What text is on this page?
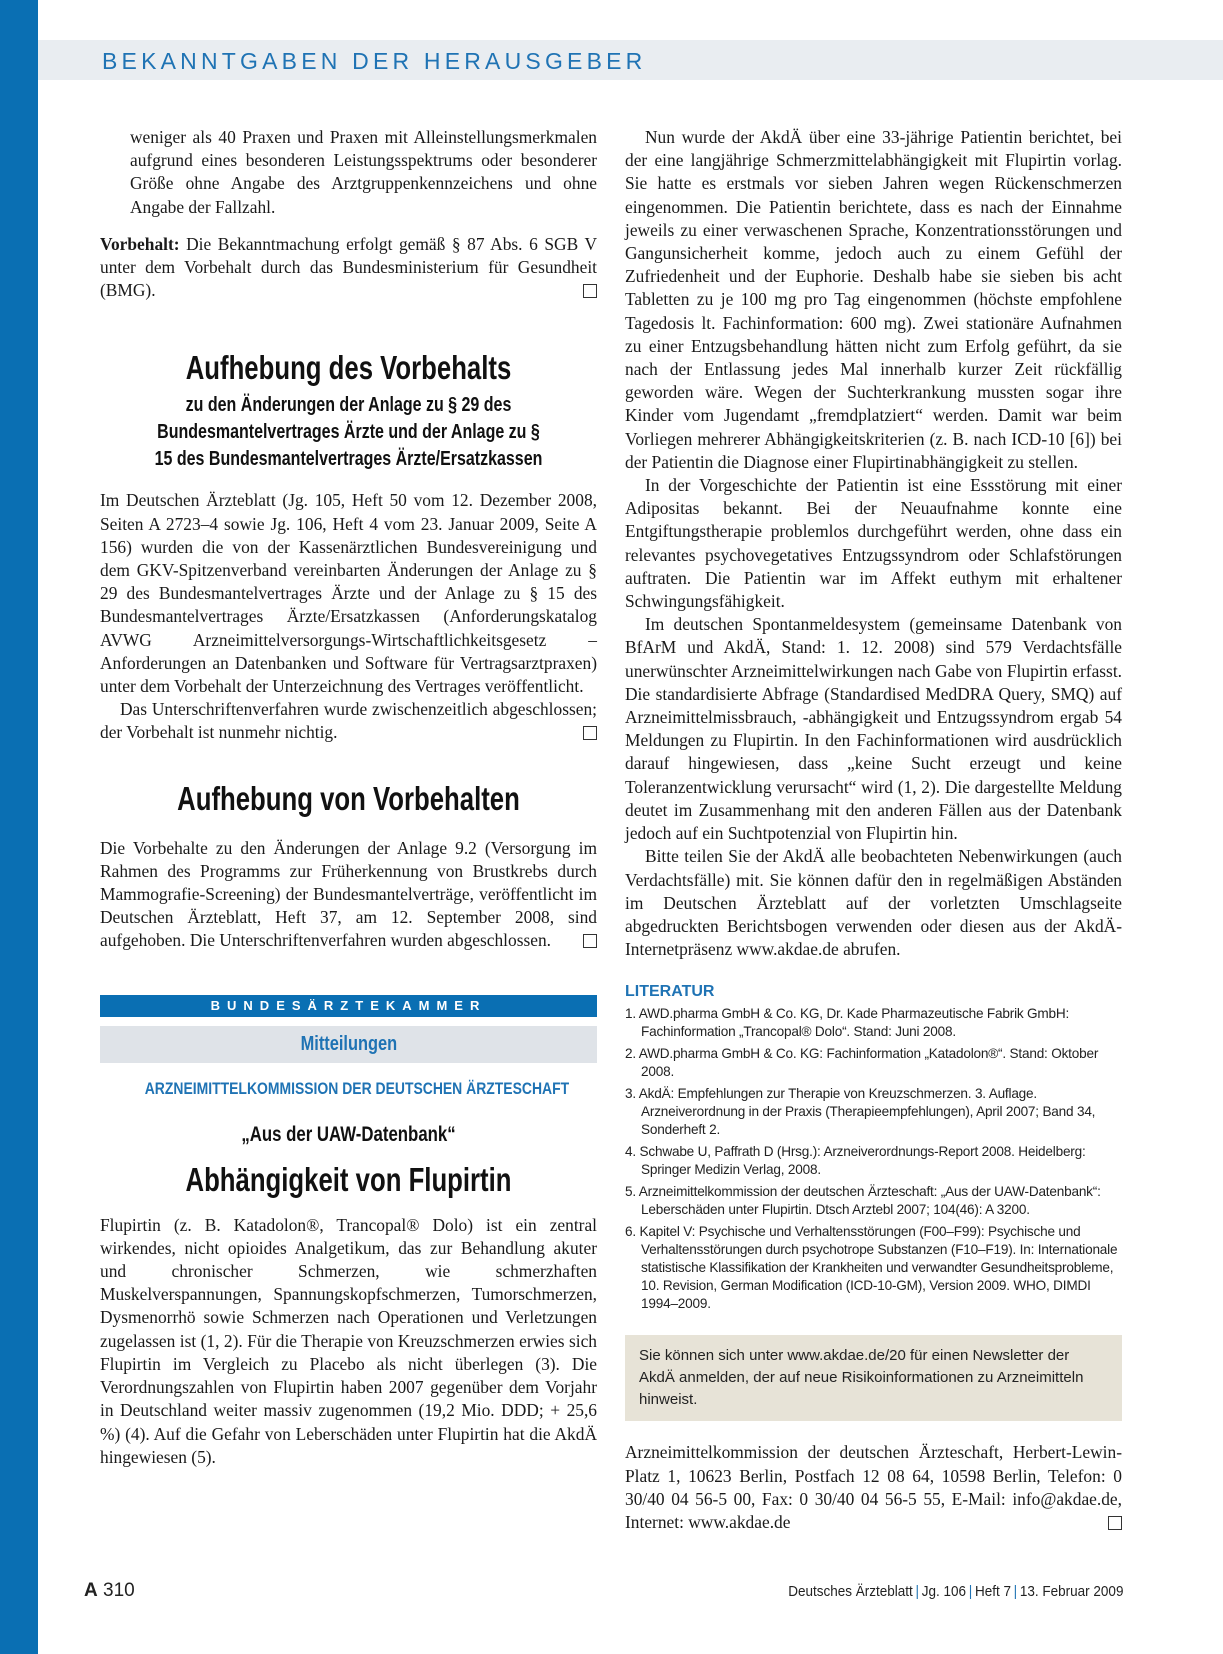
BEKANNTGABEN DER HERAUSGEBER

weniger als 40 Praxen und Praxen mit Alleinstellungsmerkmalen aufgrund eines besonderen Leistungsspektrums oder besonderer Größe ohne Angabe des Arztgruppenkennzeichens und ohne Angabe der Fallzahl.

Vorbehalt: Die Bekanntmachung erfolgt gemäß § 87 Abs. 6 SGB V unter dem Vorbehalt durch das Bundesministerium für Gesundheit (BMG).

Aufhebung des Vorbehalts
zu den Änderungen der Anlage zu § 29 des Bundesmantelvertrages Ärzte und der Anlage zu § 15 des Bundesmantelvertrages Ärzte/Ersatzkassen

Im Deutschen Ärzteblatt (Jg. 105, Heft 50 vom 12. Dezember 2008, Seiten A 2723–4 sowie Jg. 106, Heft 4 vom 23. Januar 2009, Seite A 156) wurden die von der Kassenärztlichen Bundesvereinigung und dem GKV-Spitzenverband vereinbarten Änderungen der Anlage zu § 29 des Bundesmantelvertrages Ärzte und der Anlage zu § 15 des Bundesmantelvertrages Ärzte/Ersatzkassen (Anforderungskatalog AVWG Arzneimittelversorgungs-Wirtschaftlichkeitsgesetz – Anforderungen an Datenbanken und Software für Vertragsarztpraxen) unter dem Vorbehalt der Unterzeichnung des Vertrages veröffentlicht.

Das Unterschriftenverfahren wurde zwischenzeitlich abgeschlossen; der Vorbehalt ist nunmehr nichtig.

Aufhebung von Vorbehalten

Die Vorbehalte zu den Änderungen der Anlage 9.2 (Versorgung im Rahmen des Programms zur Früherkennung von Brustkrebs durch Mammografie-Screening) der Bundesmantelverträge, veröffentlicht im Deutschen Ärzteblatt, Heft 37, am 12. September 2008, sind aufgehoben. Die Unterschriftenverfahren wurden abgeschlossen.

BUNDESÄRZTEKAMMER
Mitteilungen
ARZNEIMITTELKOMMISSION DER DEUTSCHEN ÄRZTESCHAFT
„Aus der UAW-Datenbank“
Abhängigkeit von Flupirtin

Flupirtin (z. B. Katadolon®, Trancopal® Dolo) ist ein zentral wirkendes, nicht opioides Analgetikum, das zur Behandlung akuter und chronischer Schmerzen, wie schmerzhaften Muskelverspannungen, Spannungskopfschmerzen, Tumorschmerzen, Dysmenorrhö sowie Schmerzen nach Operationen und Verletzungen zugelassen ist (1, 2). Für die Therapie von Kreuzschmerzen erwies sich Flupirtin im Vergleich zu Placebo als nicht überlegen (3). Die Verordnungszahlen von Flupirtin haben 2007 gegenüber dem Vorjahr in Deutschland weiter massiv zugenommen (19,2 Mio. DDD; + 25,6 %) (4). Auf die Gefahr von Leberschäden unter Flupirtin hat die AkdÄ hingewiesen (5).

Nun wurde der AkdÄ über eine 33-jährige Patientin berichtet, bei der eine langjährige Schmerzmittelabhängigkeit mit Flupirtin vorlag. Sie hatte es erstmals vor sieben Jahren wegen Rückenschmerzen eingenommen. Die Patientin berichtete, dass es nach der Einnahme jeweils zu einer verwaschenen Sprache, Konzentrationsstörungen und Gangunsicherheit komme, jedoch auch zu einem Gefühl der Zufriedenheit und der Euphorie. Deshalb habe sie sieben bis acht Tabletten zu je 100 mg pro Tag eingenommen (höchste empfohlene Tagedosis lt. Fachinformation: 600 mg). Zwei stationäre Aufnahmen zu einer Entzugsbehandlung hätten nicht zum Erfolg geführt, da sie nach der Entlassung jedes Mal innerhalb kurzer Zeit rückfällig geworden wäre. Wegen der Suchterkrankung mussten sogar ihre Kinder vom Jugendamt „fremdplatziert“ werden. Damit war beim Vorliegen mehrerer Abhängigkeitskriterien (z. B. nach ICD-10 [6]) bei der Patientin die Diagnose einer Flupirtinabhängigkeit zu stellen.

In der Vorgeschichte der Patientin ist eine Essstörung mit einer Adipositas bekannt. Bei der Neuaufnahme konnte eine Entgiftungstherapie problemlos durchgeführt werden, ohne dass ein relevantes psychovegetatives Entzugssyndrom oder Schlafstörungen auftraten. Die Patientin war im Affekt euthym mit erhaltener Schwingungsfähigkeit.

Im deutschen Spontanmeldesystem (gemeinsame Datenbank von BfArM und AkdÄ, Stand: 1. 12. 2008) sind 579 Verdachtsfälle unerwünschter Arzneimittelwirkungen nach Gabe von Flupirtin erfasst. Die standardisierte Abfrage (Standardised MedDRA Query, SMQ) auf Arzneimittelmissbrauch, -abhängigkeit und Entzugssyndrom ergab 54 Meldungen zu Flupirtin. In den Fachinformationen wird ausdrücklich darauf hingewiesen, dass „keine Sucht erzeugt und keine Toleranzentwicklung verursacht“ wird (1, 2). Die dargestellte Meldung deutet im Zusammenhang mit den anderen Fällen aus der Datenbank jedoch auf ein Suchtpotenzial von Flupirtin hin.

Bitte teilen Sie der AkdÄ alle beobachteten Nebenwirkungen (auch Verdachtsfälle) mit. Sie können dafür den in regelmäßigen Abständen im Deutschen Ärzteblatt auf der vorletzten Umschlagseite abgedruckten Berichtsbogen verwenden oder diesen aus der AkdÄ-Internetpräsenz www.akdae.de abrufen.

LITERATUR
1. AWD.pharma GmbH & Co. KG, Dr. Kade Pharmazeutische Fabrik GmbH: Fachinformation „Trancopal® Dolo“. Stand: Juni 2008.
2. AWD.pharma GmbH & Co. KG: Fachinformation „Katadolon®“. Stand: Oktober 2008.
3. AkdÄ: Empfehlungen zur Therapie von Kreuzschmerzen. 3. Auflage. Arzneiverordnung in der Praxis (Therapieempfehlungen), April 2007; Band 34, Sonderheft 2.
4. Schwabe U, Paffrath D (Hrsg.): Arzneiverordnungs-Report 2008. Heidelberg: Springer Medizin Verlag, 2008.
5. Arzneimittelkommission der deutschen Ärzteschaft: „Aus der UAW-Datenbank“: Leberschäden unter Flupirtin. Dtsch Arztebl 2007; 104(46): A 3200.
6. Kapitel V: Psychische und Verhaltensstörungen (F00–F99): Psychische und Verhaltensstörungen durch psychotrope Substanzen (F10–F19). In: Internationale statistische Klassifikation der Krankheiten und verwandter Gesundheitsprobleme, 10. Revision, German Modification (ICD-10-GM), Version 2009. WHO, DIMDI 1994–2009.
Sie können sich unter www.akdae.de/20 für einen Newsletter der AkdÄ anmelden, der auf neue Risikoinformationen zu Arzneimitteln hinweist.

Arzneimittelkommission der deutschen Ärzteschaft, Herbert-Lewin-Platz 1, 10623 Berlin, Postfach 12 08 64, 10598 Berlin, Telefon: 0 30/40 04 56-5 00, Fax: 0 30/40 04 56-5 55, E-Mail: info@akdae.de, Internet: www.akdae.de

A 310	Deutsches Ärzteblatt | Jg. 106 | Heft 7 | 13. Februar 2009
